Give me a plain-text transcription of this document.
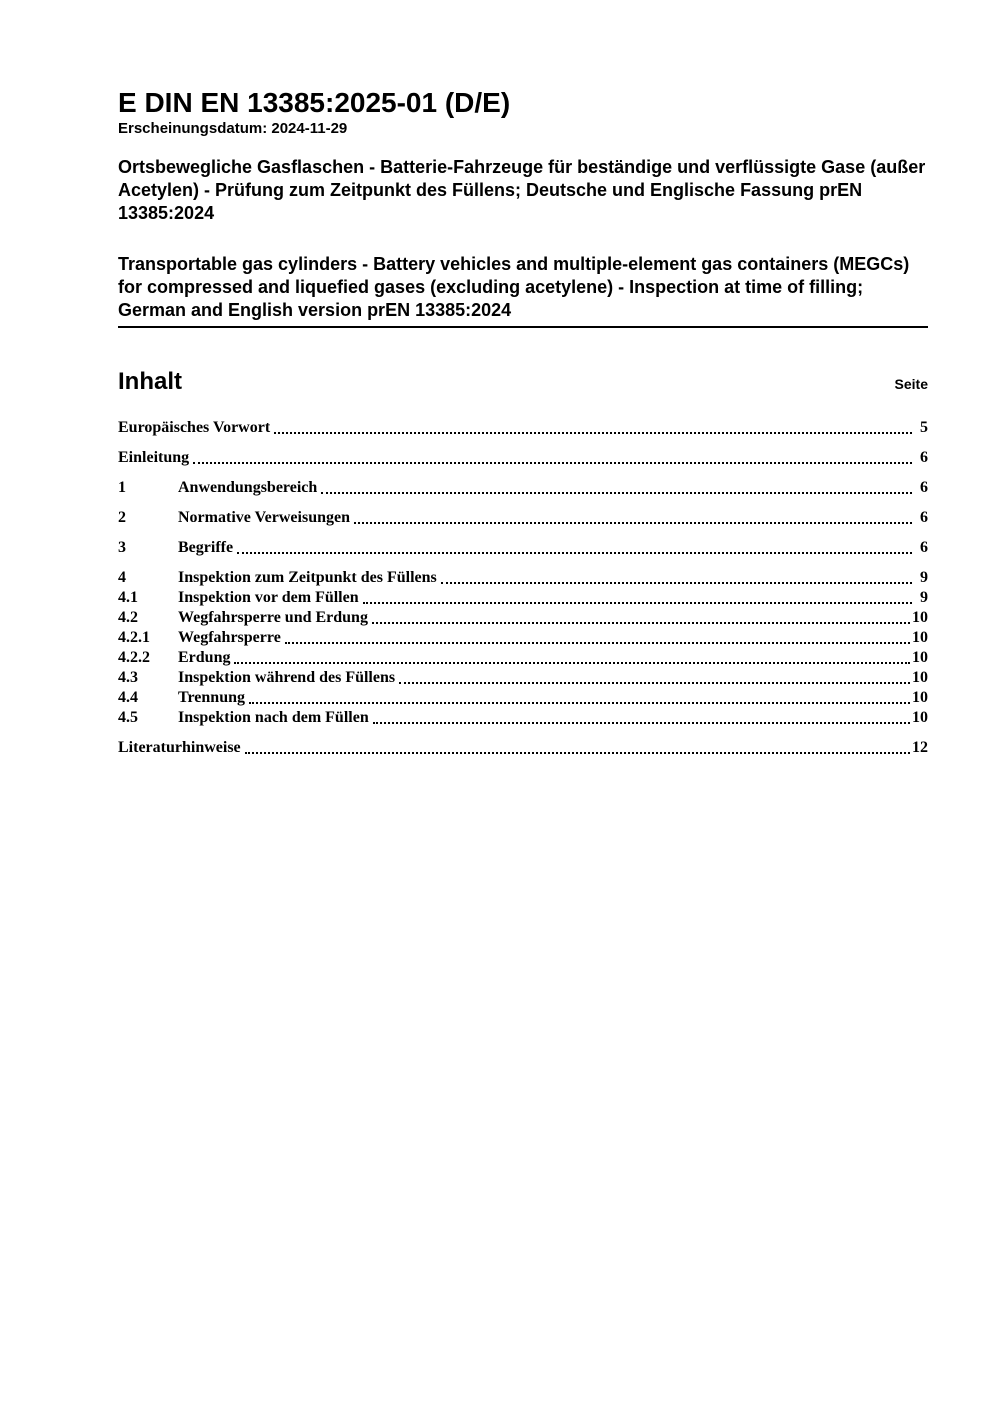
E DIN EN 13385:2025-01 (D/E)
Erscheinungsdatum: 2024-11-29

Ortsbewegliche Gasflaschen - Batterie-Fahrzeuge für beständige und verflüssigte Gase (außer Acetylen) - Prüfung zum Zeitpunkt des Füllens; Deutsche und Englische Fassung prEN 13385:2024

Transportable gas cylinders - Battery vehicles and multiple-element gas containers (MEGCs) for compressed and liquefied gases (excluding acetylene) - Inspection at time of filling; German and English version prEN 13385:2024

Inhalt	Seite
Europäisches Vorwort	5
Einleitung	6
1	Anwendungsbereich	6
2	Normative Verweisungen	6
3	Begriffe	6
4	Inspektion zum Zeitpunkt des Füllens	9
4.1	Inspektion vor dem Füllen	9
4.2	Wegfahrsperre und Erdung	10
4.2.1	Wegfahrsperre	10
4.2.2	Erdung	10
4.3	Inspektion während des Füllens	10
4.4	Trennung	10
4.5	Inspektion nach dem Füllen	10
Literaturhinweise	12
